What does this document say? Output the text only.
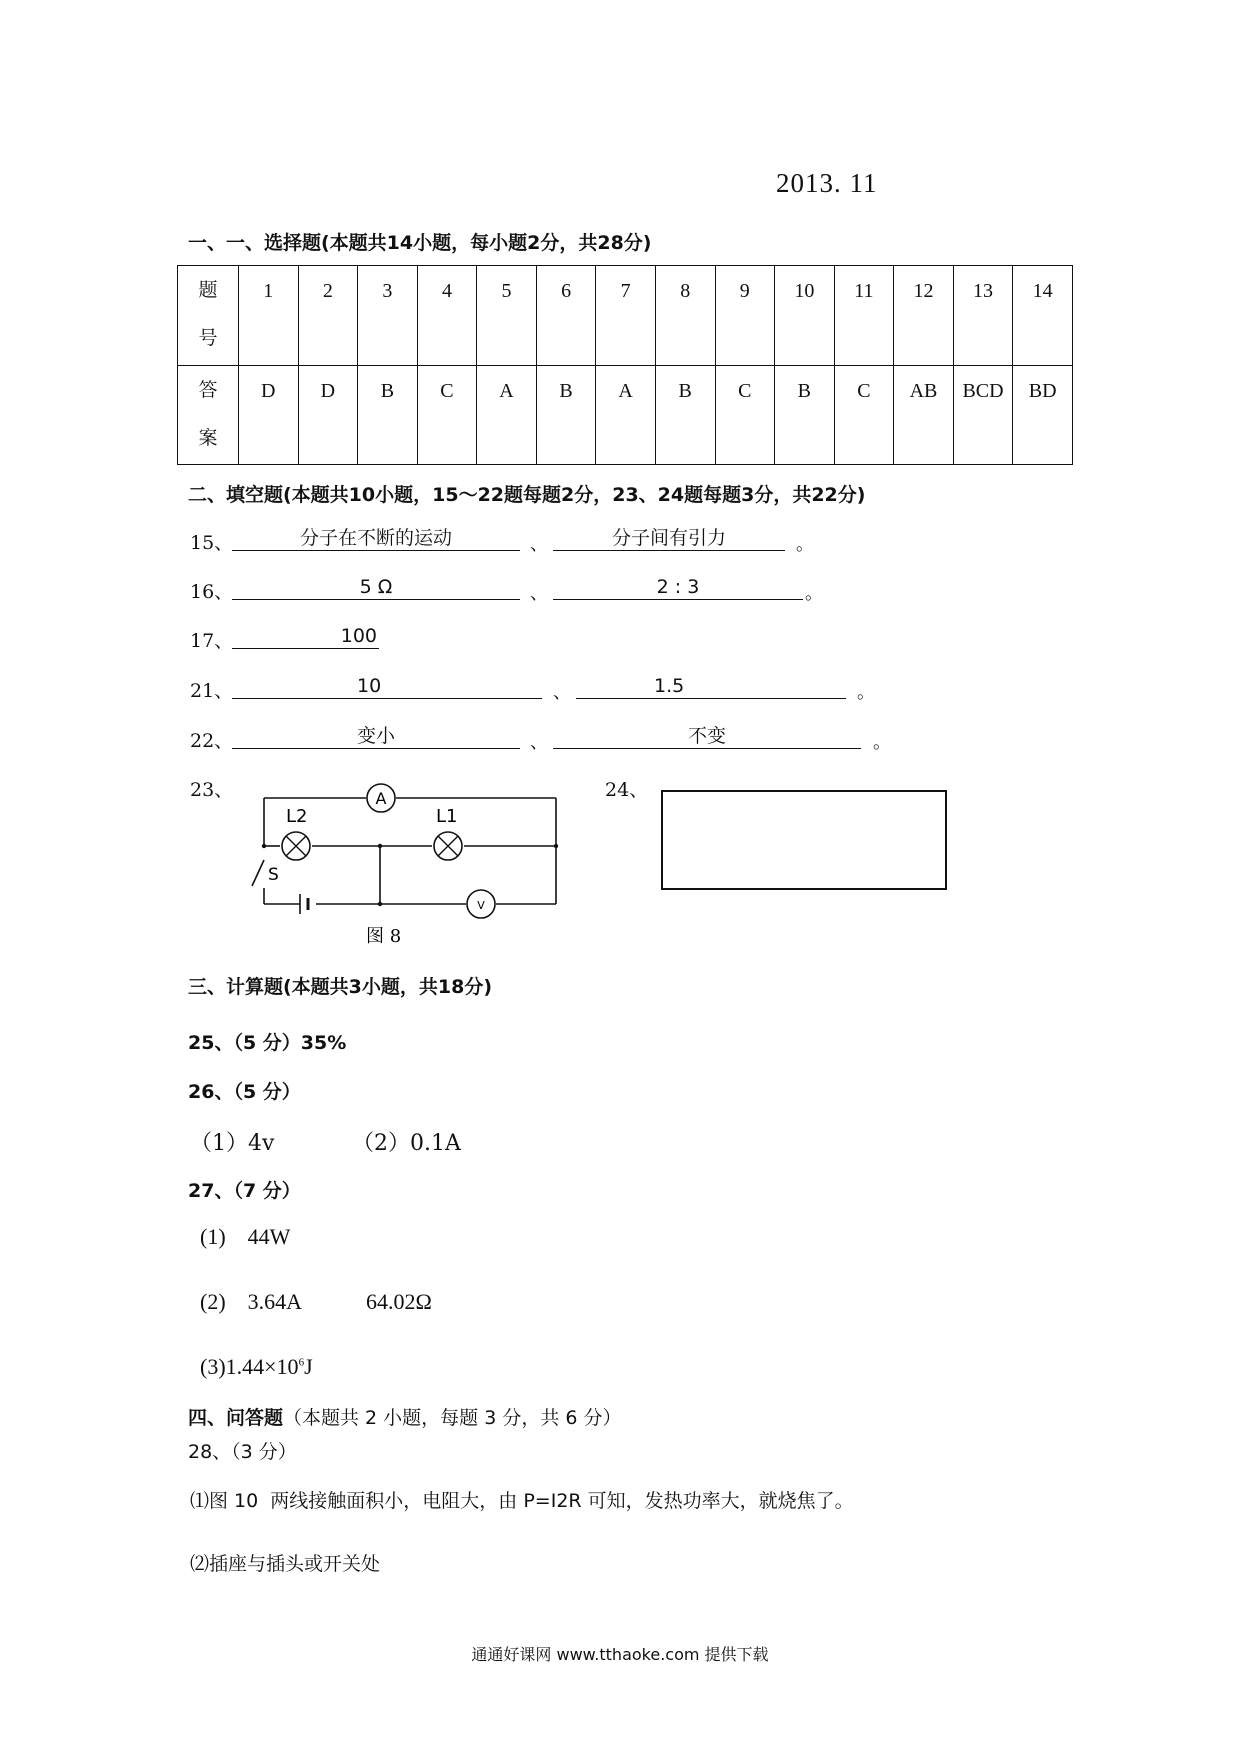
2013. 11
一、一、选择题(本题共14小题，每小题2分，共28分)
题
号	1	2	3	4	5	6	7	8	9	10	11	12	13	14
答
案	D	D	B	C	A	B	A	B	C	B	C	AB	BCD	BD
二、填空题(本题共10小题，15～22题每题2分，23、24题每题3分，共22分)
15、	分子在不断的运动	、	分子间有引力	。
16、	5 Ω	、	2 : 3	。
17、	100
21、	10	、	1.5	。
22、	变小	、	不变	。
23、	A
L2	L1
V
S
图 8
24、
三、计算题(本题共3小题，共18分)
25、（5 分）35%
26、（5 分）
（1）4v	（2）0.1A
27、（7 分）
(1)    44W
(2)    3.64A	64.02Ω
$(3)1.44\times 10^6J$
四、问答题（本题共 2 小题，每题 3 分，共 6 分）
28、（3 分）
⑴图 10  两线接触面积小，电阻大，由 P=I2R 可知，发热功率大，就烧焦了。
⑵插座与插头或开关处
通通好课网 www.tthaoke.com 提供下载
